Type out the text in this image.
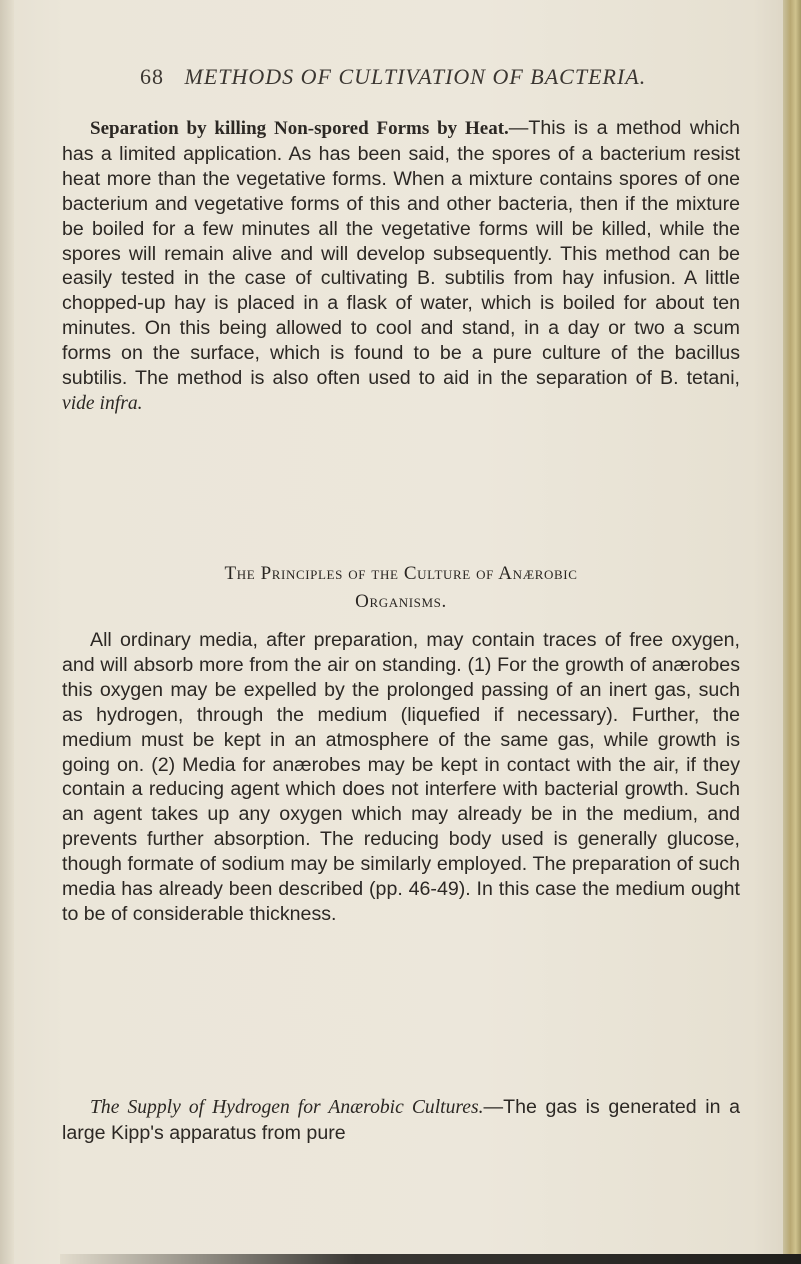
68 METHODS OF CULTIVATION OF BACTERIA.
Separation by killing Non-spored Forms by Heat.—This is a method which has a limited application. As has been said, the spores of a bacterium resist heat more than the vegetative forms. When a mixture contains spores of one bacterium and vegetative forms of this and other bacteria, then if the mixture be boiled for a few minutes all the vegetative forms will be killed, while the spores will remain alive and will develop subsequently. This method can be easily tested in the case of cultivating B. subtilis from hay infusion. A little chopped-up hay is placed in a flask of water, which is boiled for about ten minutes. On this being allowed to cool and stand, in a day or two a scum forms on the surface, which is found to be a pure culture of the bacillus subtilis. The method is also often used to aid in the separation of B. tetani, vide infra.
The Principles of the Culture of Anærobic
Organisms.
All ordinary media, after preparation, may contain traces of free oxygen, and will absorb more from the air on standing. (1) For the growth of anærobes this oxygen may be expelled by the prolonged passing of an inert gas, such as hydrogen, through the medium (liquefied if necessary). Further, the medium must be kept in an atmosphere of the same gas, while growth is going on. (2) Media for anærobes may be kept in contact with the air, if they contain a reducing agent which does not interfere with bacterial growth. Such an agent takes up any oxygen which may already be in the medium, and prevents further absorption. The reducing body used is generally glucose, though formate of sodium may be similarly employed. The preparation of such media has already been described (pp. 46-49). In this case the medium ought to be of considerable thickness.
The Supply of Hydrogen for Anærobic Cultures.—The gas is generated in a large Kipp's apparatus from pure
